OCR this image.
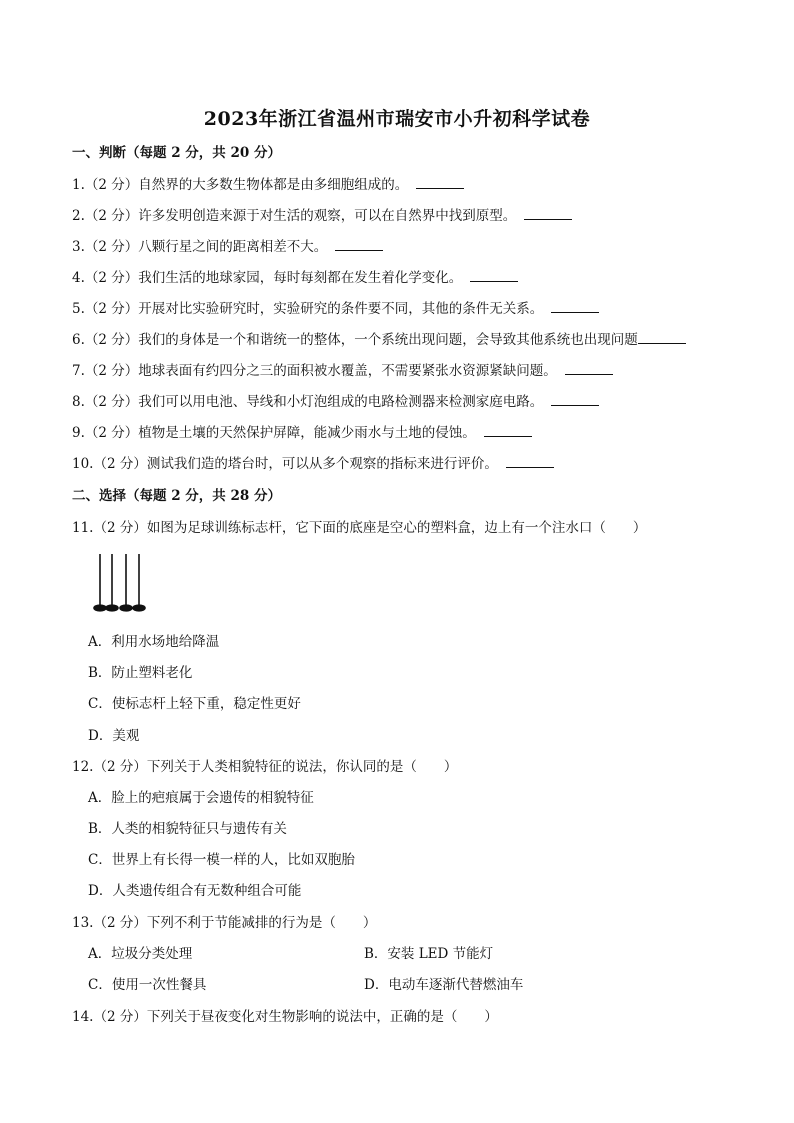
2023年浙江省温州市瑞安市小升初科学试卷
一、判断（每题 2 分，共 20 分）
1.（2 分）自然界的大多数生物体都是由多细胞组成的。
2.（2 分）许多发明创造来源于对生活的观察，可以在自然界中找到原型。
3.（2 分）八颗行星之间的距离相差不大。
4.（2 分）我们生活的地球家园，每时每刻都在发生着化学变化。
5.（2 分）开展对比实验研究时，实验研究的条件要不同，其他的条件无关系。
6.（2 分）我们的身体是一个和谐统一的整体，一个系统出现问题，会导致其他系统也出现问题
7.（2 分）地球表面有约四分之三的面积被水覆盖，不需要紧张水资源紧缺问题。
8.（2 分）我们可以用电池、导线和小灯泡组成的电路检测器来检测家庭电路。
9.（2 分）植物是土壤的天然保护屏障，能减少雨水与土地的侵蚀。
10.（2 分）测试我们造的塔台时，可以从多个观察的指标来进行评价。
二、选择（每题 2 分，共 28 分）
11.（2 分）如图为足球训练标志杆，它下面的底座是空心的塑料盒，边上有一个注水口（　　）
A．利用水场地给降温
B．防止塑料老化
C．使标志杆上轻下重，稳定性更好
D．美观
12.（2 分）下列关于人类相貌特征的说法，你认同的是（　　）
A．脸上的疤痕属于会遗传的相貌特征
B．人类的相貌特征只与遗传有关
C．世界上有长得一模一样的人，比如双胞胎
D．人类遗传组合有无数种组合可能
13.（2 分）下列不利于节能减排的行为是（　　）
A．垃圾分类处理	B．安装 LED 节能灯
C．使用一次性餐具	D．电动车逐渐代替燃油车
14.（2 分）下列关于昼夜变化对生物影响的说法中，正确的是（　　）
